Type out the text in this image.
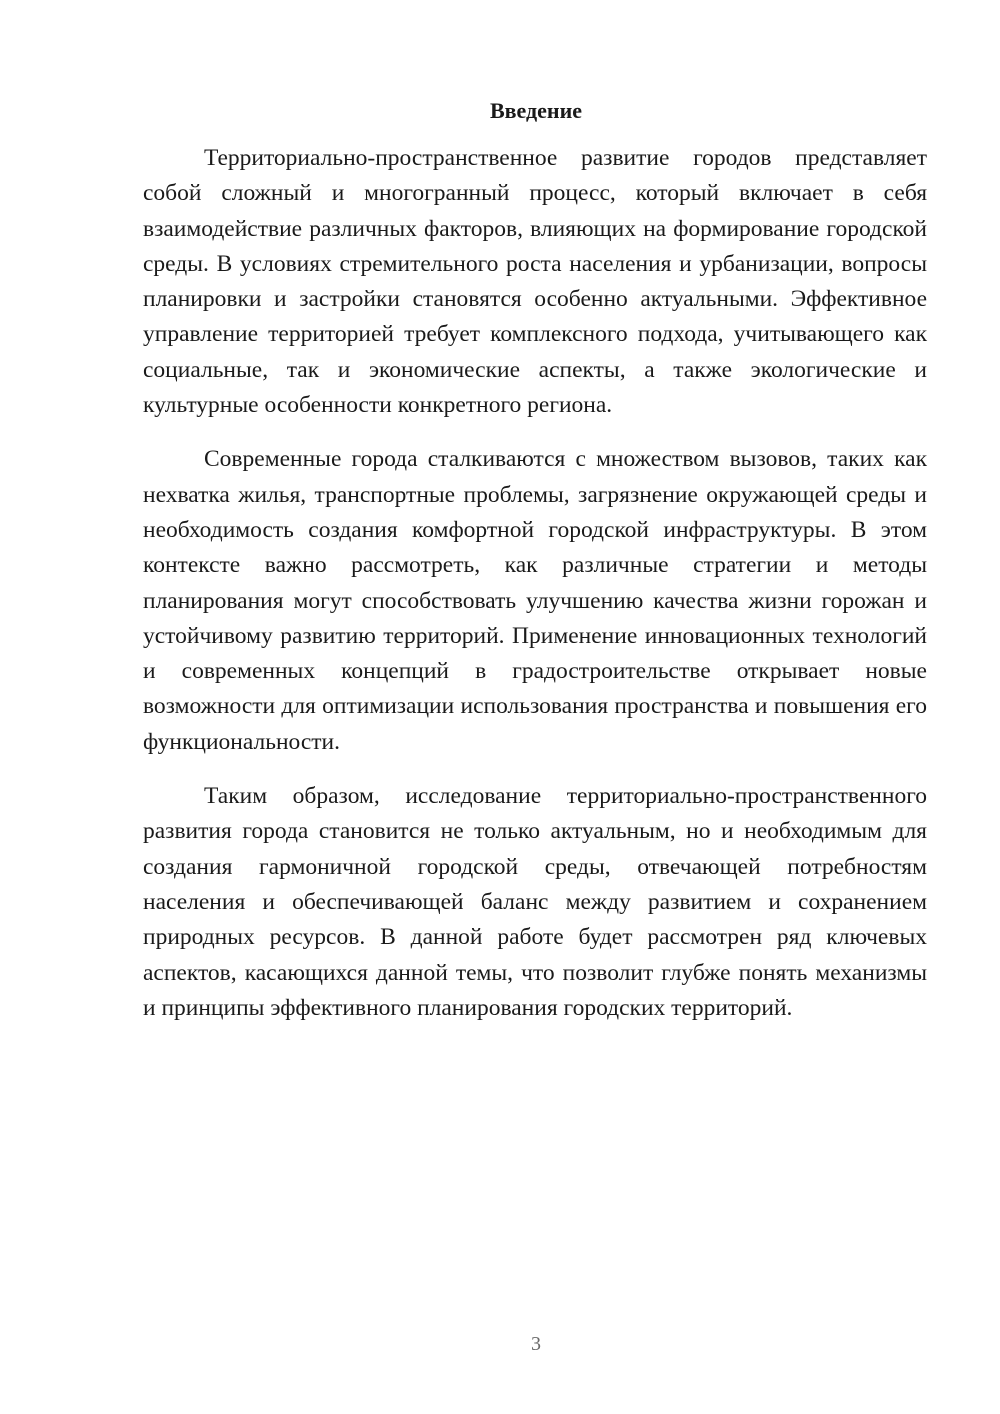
Введение

Территориально-пространственное развитие городов представляет собой сложный и многогранный процесс, который включает в себя взаимодействие различных факторов, влияющих на формирование городской среды. В условиях стремительного роста населения и урбанизации, вопросы планировки и застройки становятся особенно актуальными. Эффективное управление территорией требует комплексного подхода, учитывающего как социальные, так и экономические аспекты, а также экологические и культурные особенности конкретного региона.

Современные города сталкиваются с множеством вызовов, таких как нехватка жилья, транспортные проблемы, загрязнение окружающей среды и необходимость создания комфортной городской инфраструктуры. В этом контексте важно рассмотреть, как различные стратегии и методы планирования могут способствовать улучшению качества жизни горожан и устойчивому развитию территорий. Применение инновационных технологий и современных концепций в градостроительстве открывает новые возможности для оптимизации использования пространства и повышения его функциональности.

Таким образом, исследование территориально-пространственного развития города становится не только актуальным, но и необходимым для создания гармоничной городской среды, отвечающей потребностям населения и обеспечивающей баланс между развитием и сохранением природных ресурсов. В данной работе будет рассмотрен ряд ключевых аспектов, касающихся данной темы, что позволит глубже понять механизмы и принципы эффективного планирования городских территорий.

3
